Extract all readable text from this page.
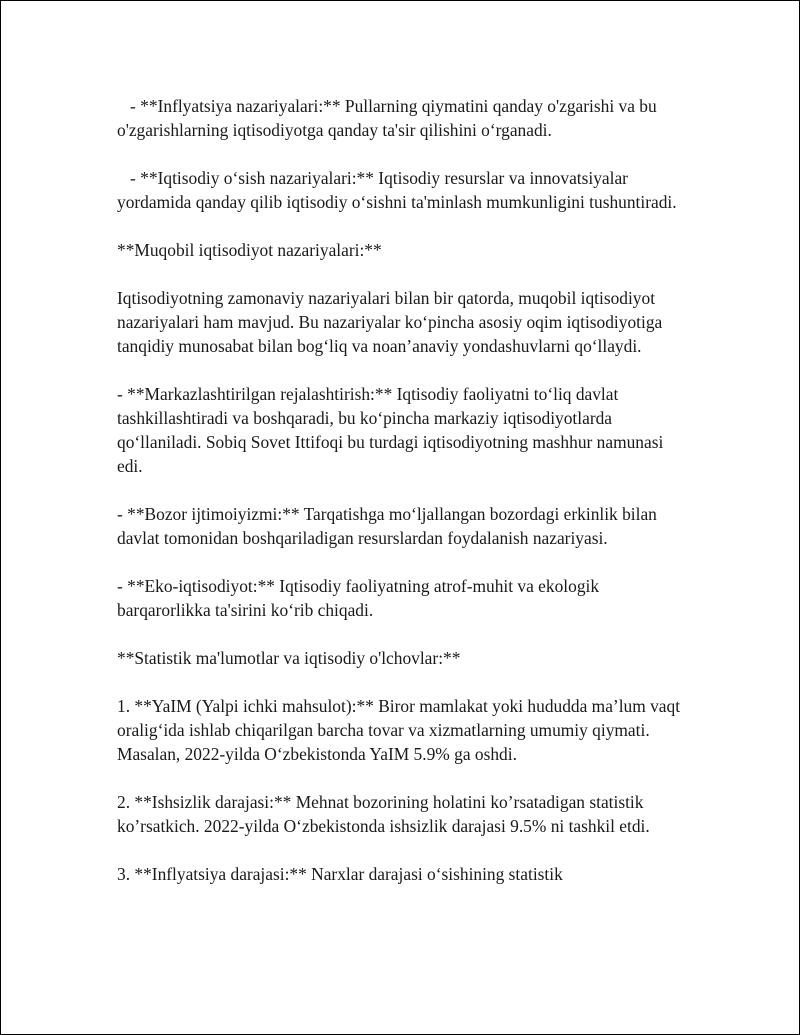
- **Inflyatsiya nazariyalari:** Pullarning qiymatini qanday o'zgarishi va bu o'zgarishlarning iqtisodiyotga qanday ta'sir qilishini o‘rganadi.

- **Iqtisodiy o‘sish nazariyalari:** Iqtisodiy resurslar va innovatsiyalar yordamida qanday qilib iqtisodiy o‘sishni ta'minlash mumkunligini tushuntiradi.

**Muqobil iqtisodiyot nazariyalari:**

Iqtisodiyotning zamonaviy nazariyalari bilan bir qatorda, muqobil iqtisodiyot nazariyalari ham mavjud. Bu nazariyalar ko‘pincha asosiy oqim iqtisodiyotiga tanqidiy munosabat bilan bog‘liq va noan’anaviy yondashuvlarni qo‘llaydi.

- **Markazlashtirilgan rejalashtirish:** Iqtisodiy faoliyatni to‘liq davlat tashkillashtiradi va boshqaradi, bu ko‘pincha markaziy iqtisodiyotlarda qo‘llaniladi. Sobiq Sovet Ittifoqi bu turdagi iqtisodiyotning mashhur namunasi edi.

- **Bozor ijtimoiyizmi:** Tarqatishga mo‘ljallangan bozordagi erkinlik bilan davlat tomonidan boshqariladigan resurslardan foydalanish nazariyasi.

- **Eko-iqtisodiyot:** Iqtisodiy faoliyatning atrof-muhit va ekologik barqarorlikka ta'sirini ko‘rib chiqadi.

**Statistik ma'lumotlar va iqtisodiy o'lchovlar:**

1. **YaIM (Yalpi ichki mahsulot):** Biror mamlakat yoki hududda ma’lum vaqt oralig‘ida ishlab chiqarilgan barcha tovar va xizmatlarning umumiy qiymati. Masalan, 2022-yilda O‘zbekistonda YaIM 5.9% ga oshdi.

2. **Ishsizlik darajasi:** Mehnat bozorining holatini ko’rsatadigan statistik ko’rsatkich. 2022-yilda O‘zbekistonda ishsizlik darajasi 9.5% ni tashkil etdi.

3. **Inflyatsiya darajasi:** Narxlar darajasi o‘sishining statistik
